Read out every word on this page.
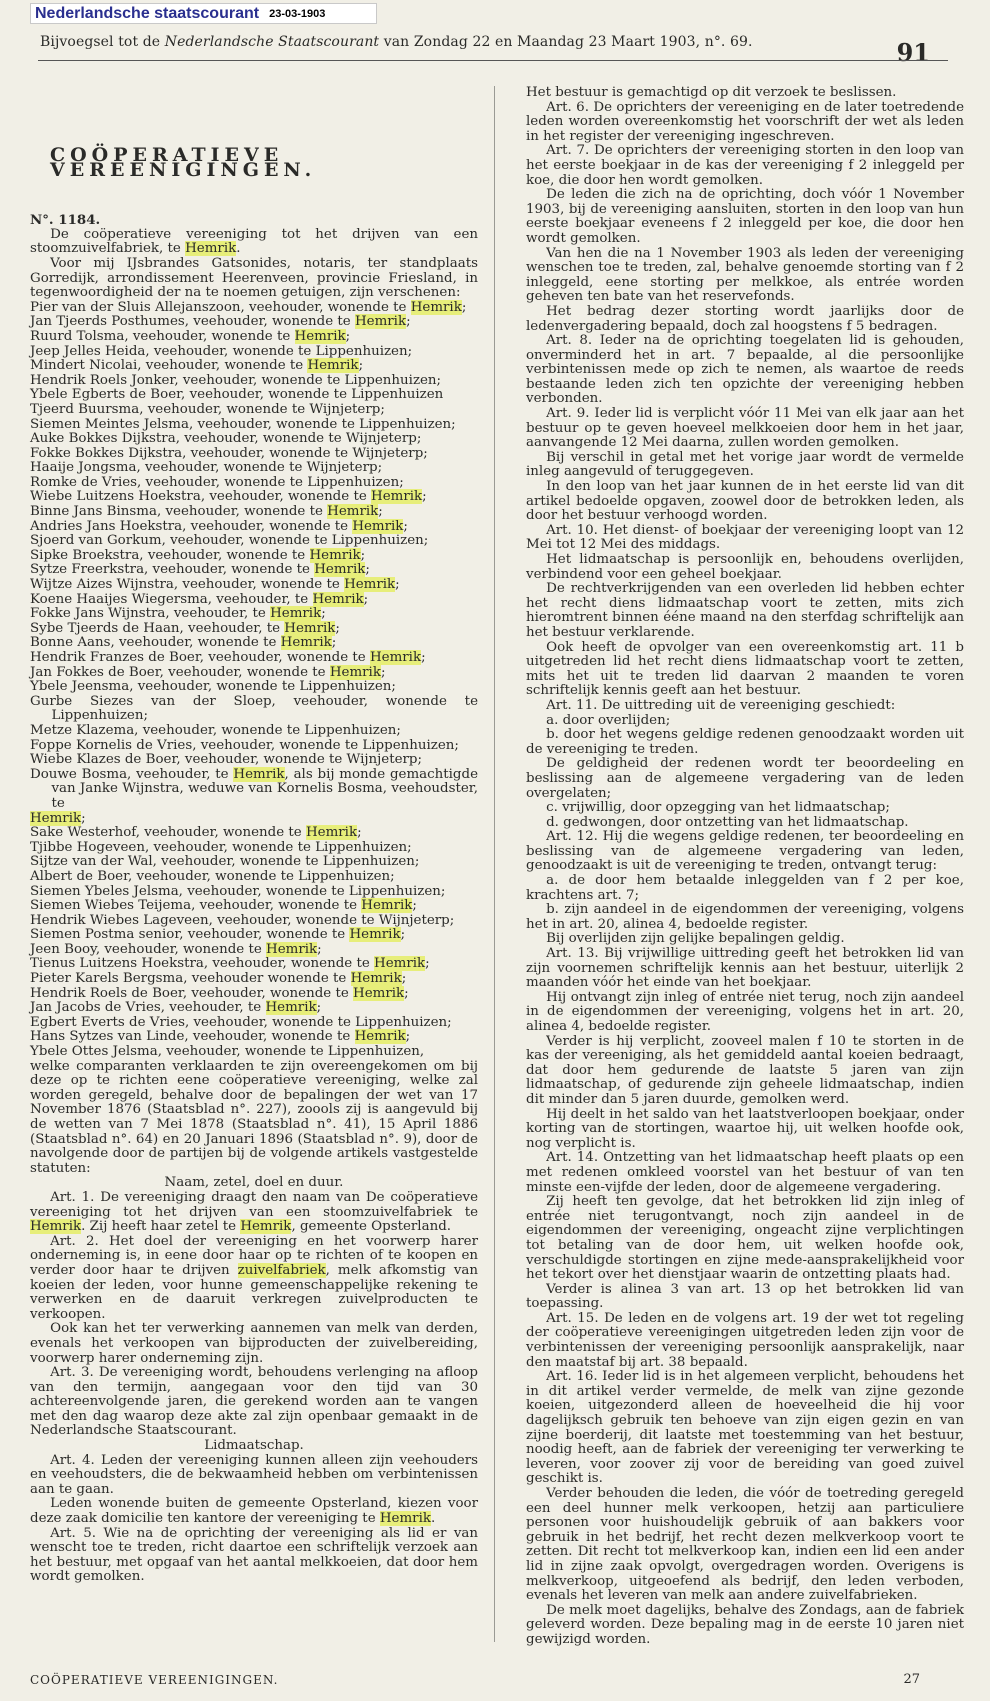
Nederlandsche staatscourant 23-03-1903
Bijvoegsel tot de Nederlandsche Staatscourant van Zondag 22 en Maandag 23 Maart 1903, n°. 69.	91
COÖPERATIEVE VEREENIGINGEN.

N°. 1184.

De coöperatieve vereeniging tot het drijven van een stoomzuivelfabriek, te Hemrik.

Voor mij IJsbrandes Gatsonides, notaris, ter standplaats Gorredijk, arrondissement Heerenveen, provincie Friesland, in tegenwoordigheid der na te noemen getuigen, zijn verschenen:

Pier van der Sluis Allejanszoon, veehouder, wonende te Hemrik;

Jan Tjeerds Posthumes, veehouder, wonende te Hemrik;

Ruurd Tolsma, veehouder, wonende te Hemrik;

Jeep Jelles Heida, veehouder, wonende te Lippenhuizen;

Mindert Nicolai, veehouder, wonende te Hemrik;

Hendrik Roels Jonker, veehouder, wonende te Lippenhuizen;

Ybele Egberts de Boer, veehouder, wonende te Lippenhuizen

Tjeerd Buursma, veehouder, wonende te Wijnjeterp;

Siemen Meintes Jelsma, veehouder, wonende te Lippenhuizen;

Auke Bokkes Dijkstra, veehouder, wonende te Wijnjeterp;

Fokke Bokkes Dijkstra, veehouder, wonende te Wijnjeterp;

Haaije Jongsma, veehouder, wonende te Wijnjeterp;

Romke de Vries, veehouder, wonende te Lippenhuizen;

Wiebe Luitzens Hoekstra, veehouder, wonende te Hemrik;

Binne Jans Binsma, veehouder, wonende te Hemrik;

Andries Jans Hoekstra, veehouder, wonende te Hemrik;

Sjoerd van Gorkum, veehouder, wonende te Lippenhuizen;

Sipke Broekstra, veehouder, wonende te Hemrik;

Sytze Freerkstra, veehouder, wonende te Hemrik;

Wijtze Aizes Wijnstra, veehouder, wonende te Hemrik;

Koene Haaijes Wiegersma, veehouder, te Hemrik;

Fokke Jans Wijnstra, veehouder, te Hemrik;

Sybe Tjeerds de Haan, veehouder, te Hemrik;

Bonne Aans, veehouder, wonende te Hemrik;

Hendrik Franzes de Boer, veehouder, wonende te Hemrik;

Jan Fokkes de Boer, veehouder, wonende te Hemrik;

Ybele Jeensma, veehouder, wonende te Lippenhuizen;

Gurbe Siezes van der Sloep, veehouder, wonende te Lippenhuizen;

Metze Klazema, veehouder, wonende te Lippenhuizen;

Foppe Kornelis de Vries, veehouder, wonende te Lippenhuizen;

Wiebe Klazes de Boer, veehouder, wonende te Wijnjeterp;

Douwe Bosma, veehouder, te Hemrik, als bij monde gemachtigde van Janke Wijnstra, weduwe van Kornelis Bosma, veehoudster, te

Hemrik;

Sake Westerhof, veehouder, wonende te Hemrik;

Tjibbe Hogeveen, veehouder, wonende te Lippenhuizen;

Sijtze van der Wal, veehouder, wonende te Lippenhuizen;

Albert de Boer, veehouder, wonende te Lippenhuizen;

Siemen Ybeles Jelsma, veehouder, wonende te Lippenhuizen;

Siemen Wiebes Teijema, veehouder, wonende te Hemrik;

Hendrik Wiebes Lageveen, veehouder, wonende te Wijnjeterp;

Siemen Postma senior, veehouder, wonende te Hemrik;

Jeen Booy, veehouder, wonende te Hemrik;

Tienus Luitzens Hoekstra, veehouder, wonende te Hemrik;

Pieter Karels Bergsma, veehouder wonende te Hemrik;

Hendrik Roels de Boer, veehouder, wonende te Hemrik;

Jan Jacobs de Vries, veehouder, te Hemrik;

Egbert Everts de Vries, veehouder, wonende te Lippenhuizen;

Hans Sytzes van Linde, veehouder, wonende te Hemrik;

Ybele Ottes Jelsma, veehouder, wonende te Lippenhuizen,

welke comparanten verklaarden te zijn overeengekomen om bij deze op te richten eene coöperatieve vereeniging, welke zal worden geregeld, behalve door de bepalingen der wet van 17 November 1876 (Staatsblad n°. 227), zoools zij is aangevuld bij de wetten van 7 Mei 1878 (Staatsblad n°. 41), 15 April 1886 (Staatsblad n°. 64) en 20 Januari 1896 (Staatsblad n°. 9), door de navolgende door de partijen bij de volgende artikels vastgestelde statuten:

Naam, zetel, doel en duur.

Art. 1. De vereeniging draagt den naam van De coöperatieve vereeniging tot het drijven van een stoomzuivelfabriek te Hemrik. Zij heeft haar zetel te Hemrik, gemeente Opsterland.

Art. 2. Het doel der vereeniging en het voorwerp harer onderneming is, in eene door haar op te richten of te koopen en verder door haar te drijven zuivelfabriek, melk afkomstig van koeien der leden, voor hunne gemeenschappelijke rekening te verwerken en de daaruit verkregen zuivelproducten te verkoopen.

Ook kan het ter verwerking aannemen van melk van derden, evenals het verkoopen van bijproducten der zuivelbereiding, voorwerp harer onderneming zijn.

Art. 3. De vereeniging wordt, behoudens verlenging na afloop van den termijn, aangegaan voor den tijd van 30 achtereenvolgende jaren, die gerekend worden aan te vangen met den dag waarop deze akte zal zijn openbaar gemaakt in de Nederlandsche Staatscourant.

Lidmaatschap.

Art. 4. Leden der vereeniging kunnen alleen zijn veehouders en veehoudsters, die de bekwaamheid hebben om verbintenissen aan te gaan.

Leden wonende buiten de gemeente Opsterland, kiezen voor deze zaak domicilie ten kantore der vereeniging te Hemrik.

Art. 5. Wie na de oprichting der vereeniging als lid er van wenscht toe te treden, richt daartoe een schriftelijk verzoek aan het bestuur, met opgaaf van het aantal melkkoeien, dat door hem wordt gemolken.

Het bestuur is gemachtigd op dit verzoek te beslissen.

Art. 6. De oprichters der vereeniging en de later toetredende leden worden overeenkomstig het voorschrift der wet als leden in het register der vereeniging ingeschreven.

Art. 7. De oprichters der vereeniging storten in den loop van het eerste boekjaar in de kas der vereeniging f 2 inleggeld per koe, die door hen wordt gemolken.

De leden die zich na de oprichting, doch vóór 1 November 1903, bij de vereeniging aansluiten, storten in den loop van hun eerste boekjaar eveneens f 2 inleggeld per koe, die door hen wordt gemolken.

Van hen die na 1 November 1903 als leden der vereeniging wenschen toe te treden, zal, behalve genoemde storting van f 2 inleggeld, eene storting per melkkoe, als entrée worden geheven ten bate van het reservefonds.

Het bedrag dezer storting wordt jaarlijks door de ledenvergadering bepaald, doch zal hoogstens f 5 bedragen.

Art. 8. Ieder na de oprichting toegelaten lid is gehouden, onverminderd het in art. 7 bepaalde, al die persoonlijke verbintenissen mede op zich te nemen, als waartoe de reeds bestaande leden zich ten opzichte der vereeniging hebben verbonden.

Art. 9. Ieder lid is verplicht vóór 11 Mei van elk jaar aan het bestuur op te geven hoeveel melkkoeien door hem in het jaar, aanvangende 12 Mei daarna, zullen worden gemolken.

Bij verschil in getal met het vorige jaar wordt de vermelde inleg aangevuld of teruggegeven.

In den loop van het jaar kunnen de in het eerste lid van dit artikel bedoelde opgaven, zoowel door de betrokken leden, als door het bestuur verhoogd worden.

Art. 10. Het dienst- of boekjaar der vereeniging loopt van 12 Mei tot 12 Mei des middags.

Het lidmaatschap is persoonlijk en, behoudens overlijden, verbindend voor een geheel boekjaar.

De rechtverkrijgenden van een overleden lid hebben echter het recht diens lidmaatschap voort te zetten, mits zich hieromtrent binnen ééne maand na den sterfdag schriftelijk aan het bestuur verklarende.

Ook heeft de opvolger van een overeenkomstig art. 11 b uitgetreden lid het recht diens lidmaatschap voort te zetten, mits het uit te treden lid daarvan 2 maanden te voren schriftelijk kennis geeft aan het bestuur.

Art. 11. De uittreding uit de vereeniging geschiedt:

a. door overlijden;

b. door het wegens geldige redenen genoodzaakt worden uit de vereeniging te treden.

De geldigheid der redenen wordt ter beoordeeling en beslissing aan de algemeene vergadering van de leden overgelaten;

c. vrijwillig, door opzegging van het lidmaatschap;

d. gedwongen, door ontzetting van het lidmaatschap.

Art. 12. Hij die wegens geldige redenen, ter beoordeeling en beslissing van de algemeene vergadering van leden, genoodzaakt is uit de vereeniging te treden, ontvangt terug:

a. de door hem betaalde inleggelden van f 2 per koe, krachtens art. 7;

b. zijn aandeel in de eigendommen der vereeniging, volgens het in art. 20, alinea 4, bedoelde register.

Bij overlijden zijn gelijke bepalingen geldig.

Art. 13. Bij vrijwillige uittreding geeft het betrokken lid van zijn voornemen schriftelijk kennis aan het bestuur, uiterlijk 2 maanden vóór het einde van het boekjaar.

Hij ontvangt zijn inleg of entrée niet terug, noch zijn aandeel in de eigendommen der vereeniging, volgens het in art. 20, alinea 4, bedoelde register.

Verder is hij verplicht, zooveel malen f 10 te storten in de kas der vereeniging, als het gemiddeld aantal koeien bedraagt, dat door hem gedurende de laatste 5 jaren van zijn lidmaatschap, of gedurende zijn geheele lidmaatschap, indien dit minder dan 5 jaren duurde, gemolken werd.

Hij deelt in het saldo van het laatstverloopen boekjaar, onder korting van de stortingen, waartoe hij, uit welken hoofde ook, nog verplicht is.

Art. 14. Ontzetting van het lidmaatschap heeft plaats op een met redenen omkleed voorstel van het bestuur of van ten minste een-vijfde der leden, door de algemeene vergadering.

Zij heeft ten gevolge, dat het betrokken lid zijn inleg of entrée niet terugontvangt, noch zijn aandeel in de eigendommen der vereeniging, ongeacht zijne verplichtingen tot betaling van de door hem, uit welken hoofde ook, verschuldigde stortingen en zijne mede-aansprakelijkheid voor het tekort over het dienstjaar waarin de ontzetting plaats had.

Verder is alinea 3 van art. 13 op het betrokken lid van toepassing.

Art. 15. De leden en de volgens art. 19 der wet tot regeling der coöperatieve vereenigingen uitgetreden leden zijn voor de verbintenissen der vereeniging persoonlijk aansprakelijk, naar den maatstaf bij art. 38 bepaald.

Art. 16. Ieder lid is in het algemeen verplicht, behoudens het in dit artikel verder vermelde, de melk van zijne gezonde koeien, uitgezonderd alleen de hoeveelheid die hij voor dagelijksch gebruik ten behoeve van zijn eigen gezin en van zijne boerderij, dit laatste met toestemming van het bestuur, noodig heeft, aan de fabriek der vereeniging ter verwerking te leveren, voor zoover zij voor de bereiding van goed zuivel geschikt is.

Verder behouden die leden, die vóór de toetreding geregeld een deel hunner melk verkoopen, hetzij aan particuliere personen voor huishoudelijk gebruik of aan bakkers voor gebruik in het bedrijf, het recht dezen melkverkoop voort te zetten. Dit recht tot melkverkoop kan, indien een lid een ander lid in zijne zaak opvolgt, overgedragen worden. Overigens is melkverkoop, uitgeoefend als bedrijf, den leden verboden, evenals het leveren van melk aan andere zuivelfabrieken.

De melk moet dagelijks, behalve des Zondags, aan de fabriek geleverd worden. Deze bepaling mag in de eerste 10 jaren niet gewijzigd worden.

COÖPERATIEVE VEREENIGINGEN.	27
